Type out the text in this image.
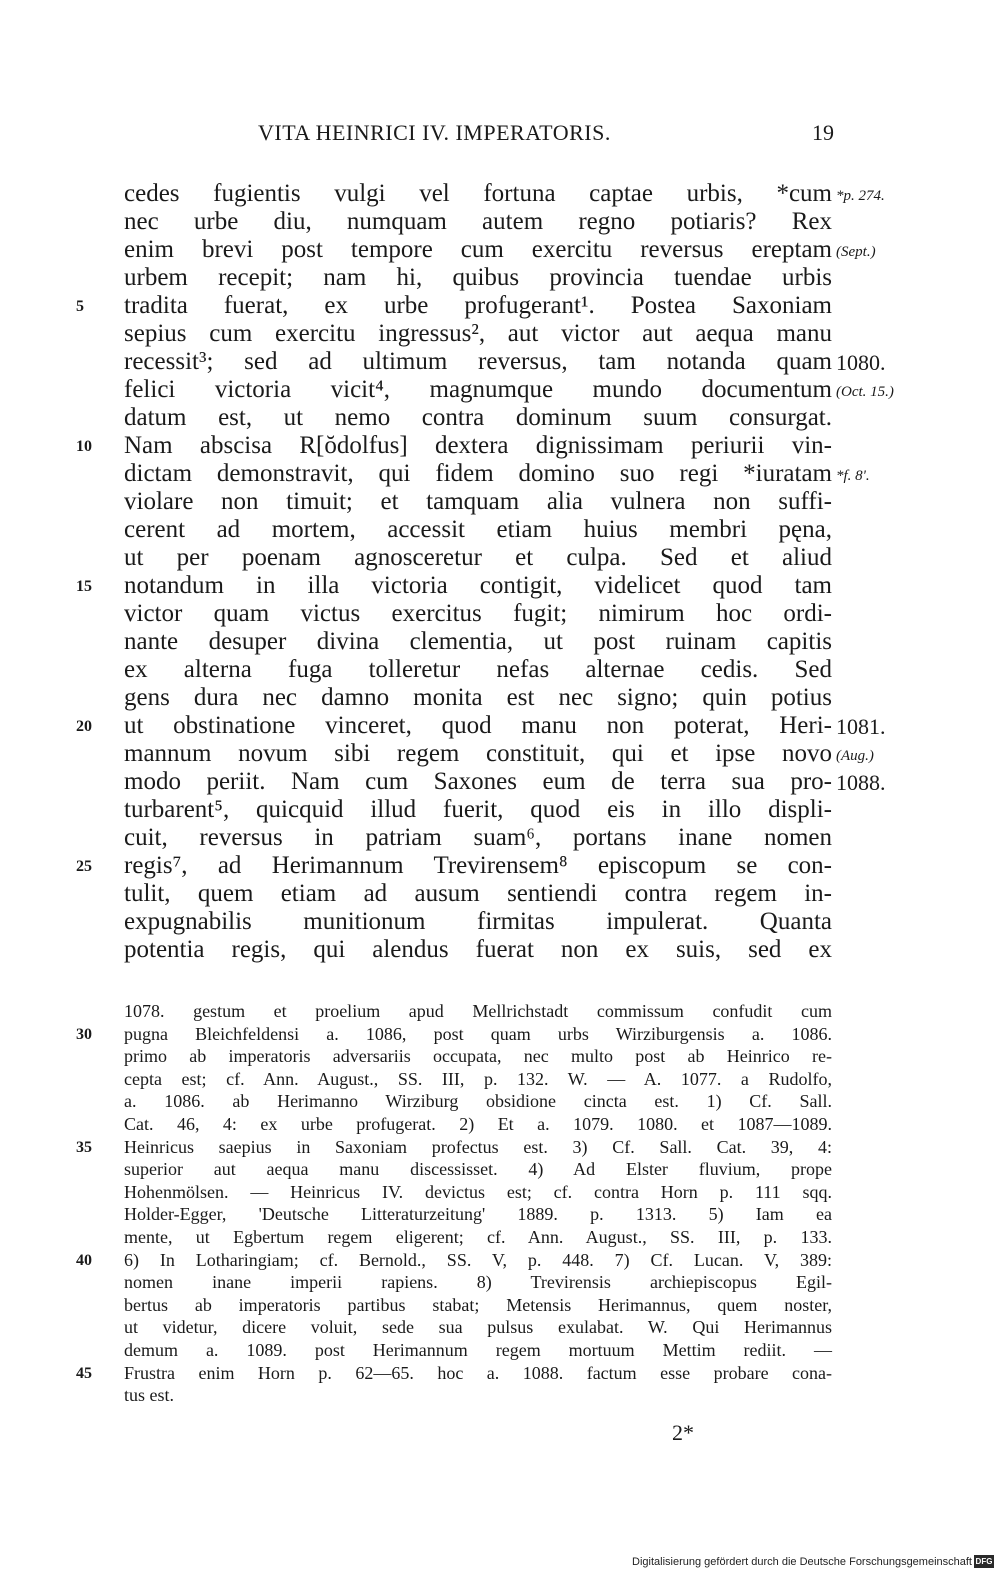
VITA HEINRICI IV. IMPERATORIS.	19
cedes fugientis vulgi vel fortuna captae urbis, *cum
nec urbe diu, numquam autem regno potiaris? Rex
enim brevi post tempore cum exercitu reversus ereptam
urbem recepit; nam hi, quibus provincia tuendae urbis
tradita fuerat, ex urbe profugerant¹. Postea Saxoniam
sepius cum exercitu ingressus², aut victor aut aequa manu
recessit³; sed ad ultimum reversus, tam notanda quam
felici victoria vicit⁴, magnumque mundo documentum
datum est, ut nemo contra dominum suum consurgat.
Nam abscisa R[ŏdolfus] dextera dignissimam periurii vin-
dictam demonstravit, qui fidem domino suo regi *iuratam
violare non timuit; et tamquam alia vulnera non suffi-
cerent ad mortem, accessit etiam huius membri pęna,
ut per poenam agnosceretur et culpa. Sed et aliud
notandum in illa victoria contigit, videlicet quod tam
victor quam victus exercitus fugit; nimirum hoc ordi-
nante desuper divina clementia, ut post ruinam capitis
ex alterna fuga tolleretur nefas alternae cedis. Sed
gens dura nec damno monita est nec signo; quin potius
ut obstinatione vinceret, quod manu non poterat, Heri-
mannum novum sibi regem constituit, qui et ipse novo
modo periit. Nam cum Saxones eum de terra sua pro-
turbarent⁵, quicquid illud fuerit, quod eis in illo displi-
cuit, reversus in patriam suam⁶, portans inane nomen
regis⁷, ad Herimannum Trevirensem⁸ episcopum se con-
tulit, quem etiam ad ausum sentiendi contra regem in-
expugnabilis munitionum firmitas impulerat. Quanta
potentia regis, qui alendus fuerat non ex suis, sed ex
5
10
15
20
25
*p. 274.
(Sept.)
1080.
(Oct. 15.)
*f. 8'.
1081.
(Aug.)
1088.
1078. gestum et proelium apud Mellrichstadt commissum confudit cum
pugna Bleichfeldensi a. 1086, post quam urbs Wirziburgensis a. 1086.
primo ab imperatoris adversariis occupata, nec multo post ab Heinrico re-
cepta est; cf. Ann. August., SS. III, p. 132. W. — A. 1077. a Rudolfo,
a. 1086. ab Herimanno Wirziburg obsidione cincta est. 1) Cf. Sall.
Cat. 46, 4: ex urbe profugerat. 2) Et a. 1079. 1080. et 1087—1089.
Heinricus saepius in Saxoniam profectus est. 3) Cf. Sall. Cat. 39, 4:
superior aut aequa manu discessisset. 4) Ad Elster fluvium, prope
Hohenmölsen. — Heinricus IV. devictus est; cf. contra Horn p. 111 sqq.
Holder-Egger, 'Deutsche Litteraturzeitung' 1889. p. 1313. 5) Iam ea
mente, ut Egbertum regem eligerent; cf. Ann. August., SS. III, p. 133.
6) In Lotharingiam; cf. Bernold., SS. V, p. 448. 7) Cf. Lucan. V, 389:
nomen inane imperii rapiens. 8) Trevirensis archiepiscopus Egil-
bertus ab imperatoris partibus stabat; Metensis Herimannus, quem noster,
ut videtur, dicere voluit, sede sua pulsus exulabat. W. Qui Herimannus
demum a. 1089. post Herimannum regem mortuum Mettim rediit. —
Frustra enim Horn p. 62—65. hoc a. 1088. factum esse probare cona-
tus est.
30
35
40
45
2*
Digitalisierung gefördert durch die Deutsche Forschungsgemeinschaft DFG
